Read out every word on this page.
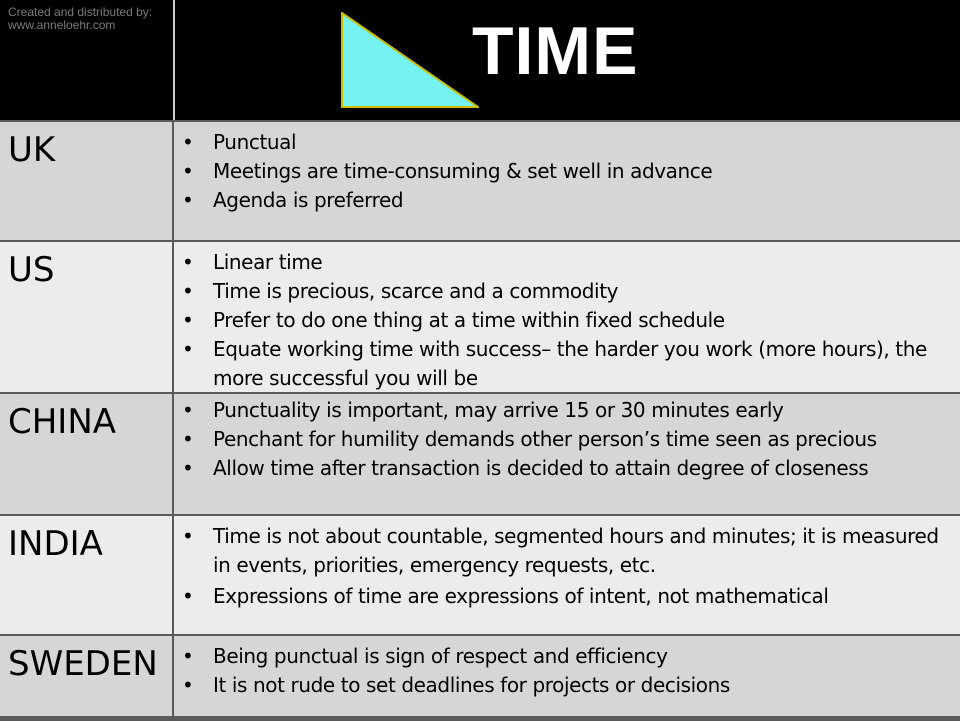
Created and distributed by:
www.anneloehr.com	TIME
UK	• Punctual
• Meetings are time-consuming & set well in advance
• Agenda is preferred
US	• Linear time
• Time is precious, scarce and a commodity
• Prefer to do one thing at a time within fixed schedule
• Equate working time with success– the harder you work (more hours), the more successful you will be
CHINA	• Punctuality is important, may arrive 15 or 30 minutes early
• Penchant for humility demands other person’s time seen as precious
• Allow time after transaction is decided to attain degree of closeness
INDIA	• Time is not about countable, segmented hours and minutes; it is measured in events, priorities, emergency requests, etc.
• Expressions of time are expressions of intent, not mathematical
SWEDEN	• Being punctual is sign of respect and efficiency
• It is not rude to set deadlines for projects or decisions
